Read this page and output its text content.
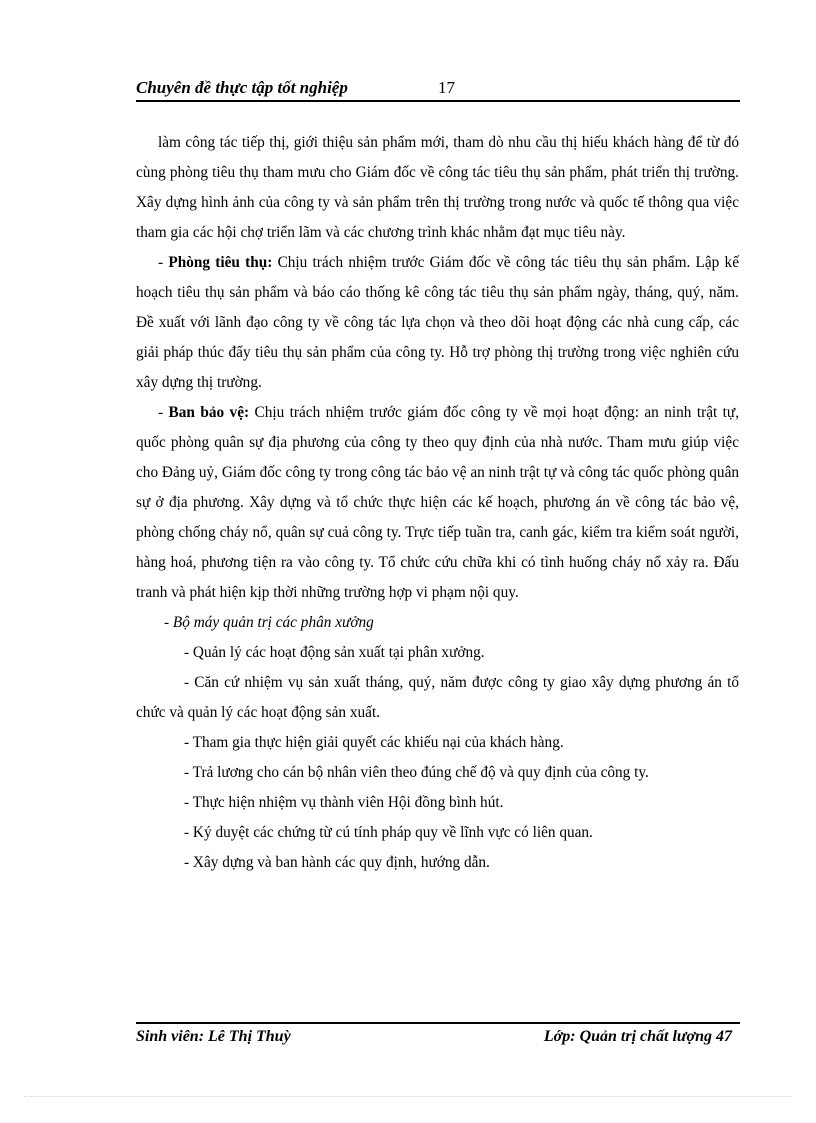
Chuyên đề thực tập tốt nghiệp	17

làm công tác tiếp thị, giới thiệu sản phẩm mới, tham dò nhu cầu thị hiếu khách hàng để từ đó cùng phòng tiêu thụ tham mưu cho Giám đốc về công tác tiêu thụ sản phẩm, phát triển thị trường. Xây dựng hình ảnh của công ty và sản phẩm trên thị trường trong nước và quốc tế thông qua việc tham gia các hội chợ triển lãm và các chương trình khác nhằm đạt mục tiêu này.

- Phòng tiêu thụ: Chịu trách nhiệm trước Giám đốc về công tác tiêu thụ sản phẩm. Lập kế hoạch tiêu thụ sản phẩm và báo cáo thống kê công tác tiêu thụ sản phẩm ngày, tháng, quý, năm. Đề xuất với lãnh đạo công ty về công tác lựa chọn và theo dõi hoạt động các nhà cung cấp, các giải pháp thúc đẩy tiêu thụ sản phẩm của công ty. Hỗ trợ phòng thị trường trong việc nghiên cứu xây dựng thị trường.

- Ban bảo vệ: Chịu trách nhiệm trước giám đốc công ty về mọi hoạt động: an ninh trật tự, quốc phòng quân sự địa phương của công ty theo quy định của nhà nước. Tham mưu giúp việc cho Đảng uỷ, Giám đốc công ty trong công tác bảo vệ an ninh trật tự và công tác quốc phòng quân sự ở địa phương. Xây dựng và tổ chức thực hiện các kế hoạch, phương án về công tác bảo vệ, phòng chống cháy nổ, quân sự cuả công ty. Trực tiếp tuần tra, canh gác, kiểm tra kiểm soát người, hàng hoá, phương tiện ra vào công ty. Tổ chức cứu chữa khi có tình huống cháy nổ xảy ra. Đấu tranh và phát hiện kịp thời những trường hợp vi phạm nội quy.

- Bộ máy quản trị các phân xưởng

- Quản lý các hoạt động sản xuất tại phân xưởng.

- Căn cứ nhiệm vụ sản xuất tháng, quý, năm được công ty giao xây dựng phương án tổ chức và quản lý các hoạt động sản xuất.

- Tham gia thực hiện giải quyết các khiếu nại của khách hàng.

- Trả lương cho cán bộ nhân viên theo đúng chế độ và quy định của công ty.

- Thực hiện nhiệm vụ thành viên Hội đồng bình hút.

- Ký duyệt các chứng từ cú tính pháp quy về lĩnh vực có liên quan.

- Xây dựng và ban hành các quy định, hướng dẫn.

Sinh viên: Lê Thị Thuỳ	Lớp: Quản trị chất lượng 47
